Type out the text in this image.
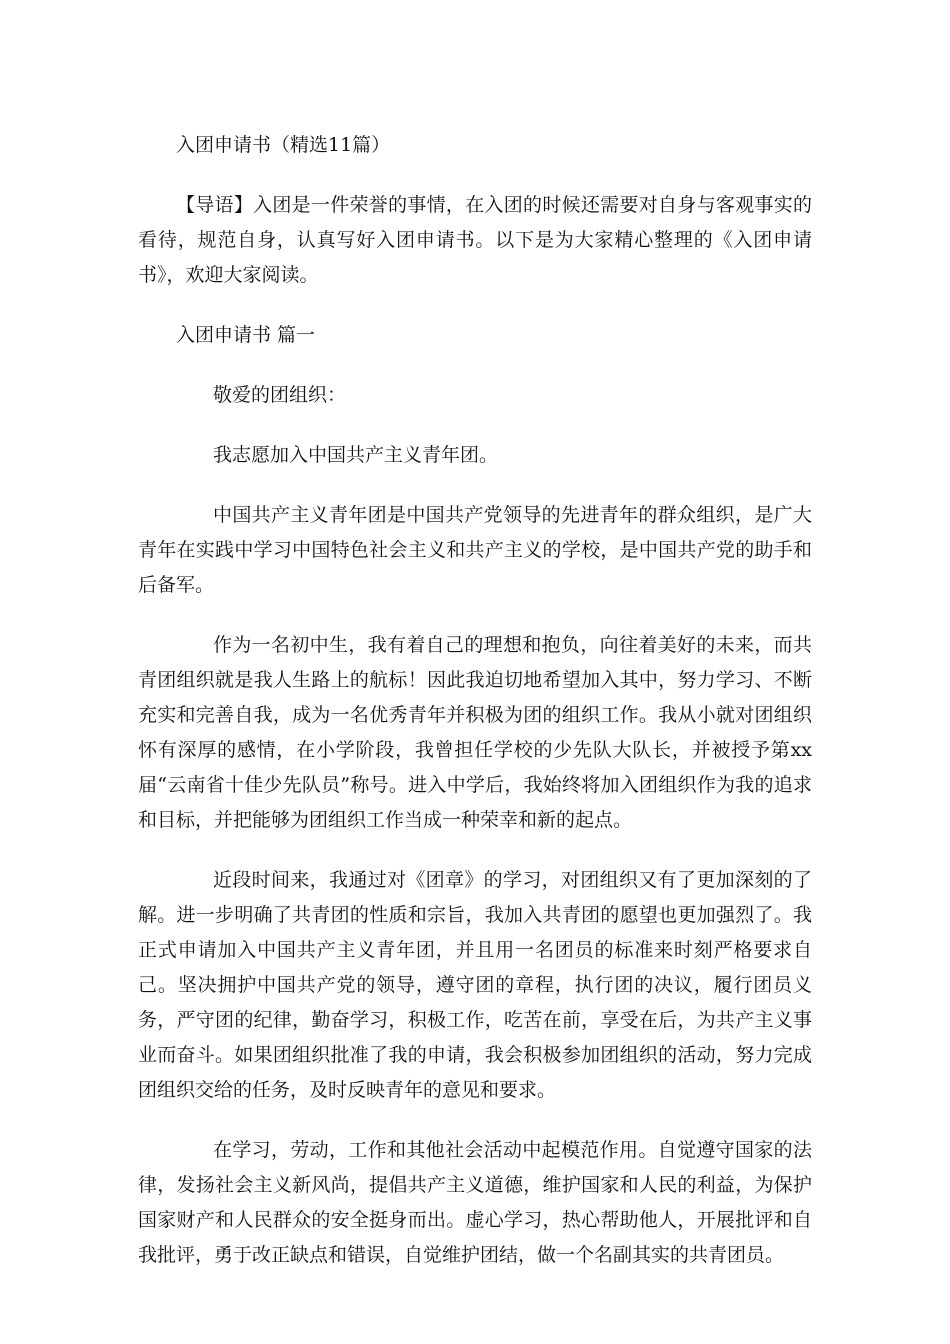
入团申请书（精选11篇）

【导语】入团是一件荣誉的事情，在入团的时候还需要对自身与客观事实的看待，规范自身，认真写好入团申请书。以下是为大家精心整理的《入团申请书》，欢迎大家阅读。

入团申请书 篇一

敬爱的团组织：

我志愿加入中国共产主义青年团。

中国共产主义青年团是中国共产党领导的先进青年的群众组织，是广大青年在实践中学习中国特色社会主义和共产主义的学校，是中国共产党的助手和后备军。

作为一名初中生，我有着自己的理想和抱负，向往着美好的未来，而共青团组织就是我人生路上的航标！因此我迫切地希望加入其中，努力学习、不断充实和完善自我，成为一名优秀青年并积极为团的组织工作。我从小就对团组织怀有深厚的感情，在小学阶段，我曾担任学校的少先队大队长，并被授予第xx届“云南省十佳少先队员”称号。进入中学后，我始终将加入团组织作为我的追求和目标，并把能够为团组织工作当成一种荣幸和新的起点。

近段时间来，我通过对《团章》的学习，对团组织又有了更加深刻的了解。进一步明确了共青团的性质和宗旨，我加入共青团的愿望也更加强烈了。我正式申请加入中国共产主义青年团，并且用一名团员的标准来时刻严格要求自己。坚决拥护中国共产党的领导，遵守团的章程，执行团的决议，履行团员义务，严守团的纪律，勤奋学习，积极工作，吃苦在前，享受在后，为共产主义事业而奋斗。如果团组织批准了我的申请，我会积极参加团组织的活动，努力完成团组织交给的任务，及时反映青年的意见和要求。

在学习，劳动，工作和其他社会活动中起模范作用。自觉遵守国家的法律，发扬社会主义新风尚，提倡共产主义道德，维护国家和人民的利益，为保护国家财产和人民群众的安全挺身而出。虚心学习，热心帮助他人，开展批评和自我批评，勇于改正缺点和错误，自觉维护团结，做一个名副其实的共青团员。
